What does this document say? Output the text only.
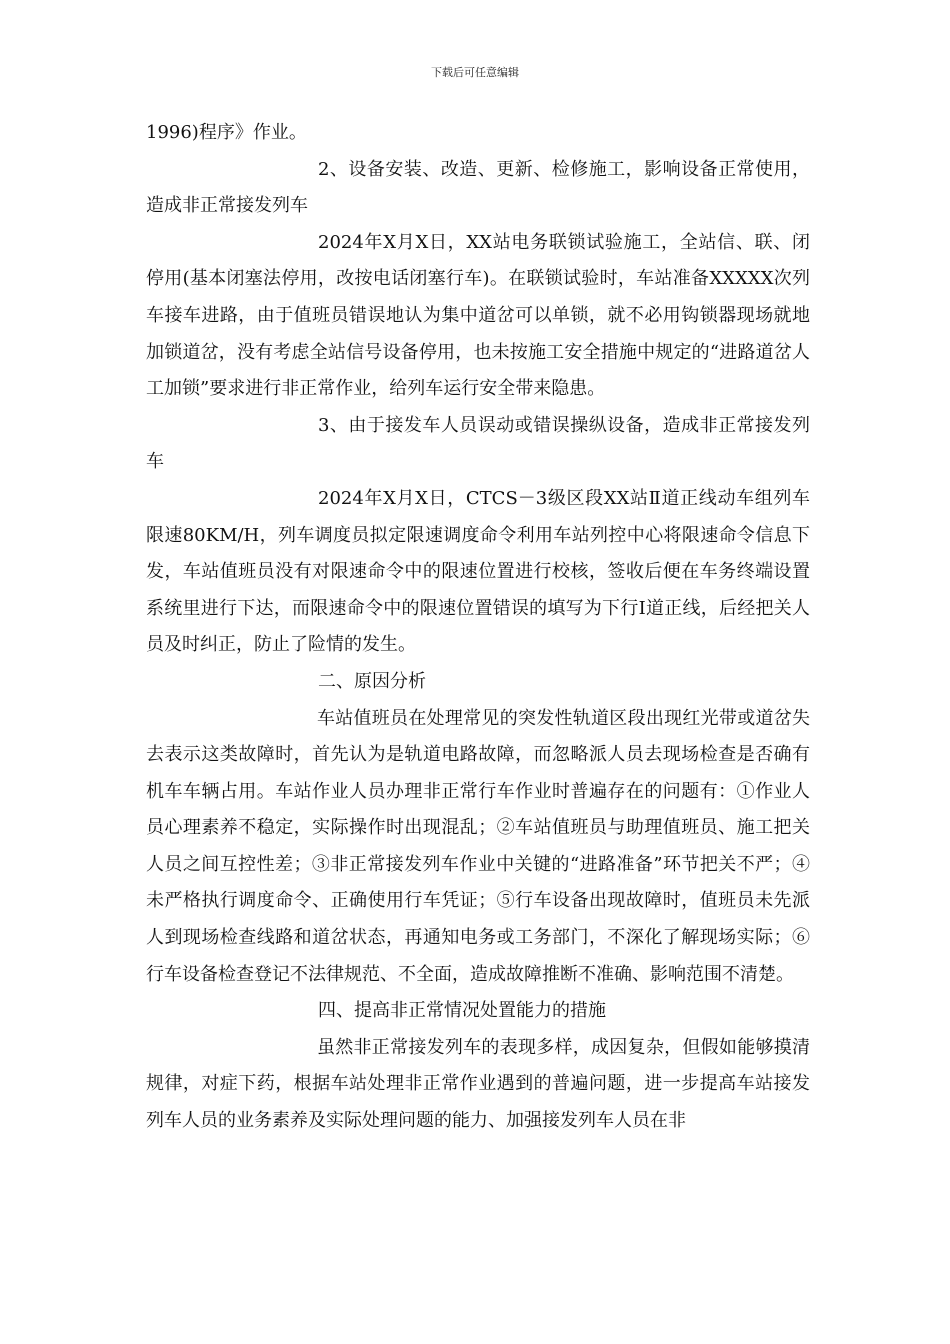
下载后可任意编辑

1996)程序》作业。

2、设备安装、改造、更新、检修施工，影响设备正常使用，造成非正常接发列车

2024年X月X日，XX站电务联锁试验施工，全站信、联、闭停用(基本闭塞法停用，改按电话闭塞行车)。在联锁试验时，车站准备XXXXX次列车接车进路，由于值班员错误地认为集中道岔可以单锁，就不必用钩锁器现场就地加锁道岔，没有考虑全站信号设备停用，也未按施工安全措施中规定的“进路道岔人工加锁”要求进行非正常作业，给列车运行安全带来隐患。

3、由于接发车人员误动或错误操纵设备，造成非正常接发列车

2024年X月X日，CTCS－3级区段XX站Ⅱ道正线动车组列车限速80KM/H，列车调度员拟定限速调度命令利用车站列控中心将限速命令信息下发，车站值班员没有对限速命令中的限速位置进行校核，签收后便在车务终端设置系统里进行下达，而限速命令中的限速位置错误的填写为下行Ⅰ道正线，后经把关人员及时纠正，防止了险情的发生。

二、原因分析

车站值班员在处理常见的突发性轨道区段出现红光带或道岔失去表示这类故障时，首先认为是轨道电路故障，而忽略派人员去现场检查是否确有机车车辆占用。车站作业人员办理非正常行车作业时普遍存在的问题有：①作业人员心理素养不稳定，实际操作时出现混乱；②车站值班员与助理值班员、施工把关人员之间互控性差；③非正常接发列车作业中关键的“进路准备”环节把关不严；④未严格执行调度命令、正确使用行车凭证；⑤行车设备出现故障时，值班员未先派人到现场检查线路和道岔状态，再通知电务或工务部门，不深化了解现场实际；⑥行车设备检查登记不法律规范、不全面，造成故障推断不准确、影响范围不清楚。

四、提高非正常情况处置能力的措施

虽然非正常接发列车的表现多样，成因复杂，但假如能够摸清规律，对症下药，根据车站处理非正常作业遇到的普遍问题，进一步提高车站接发列车人员的业务素养及实际处理问题的能力、加强接发列车人员在非
